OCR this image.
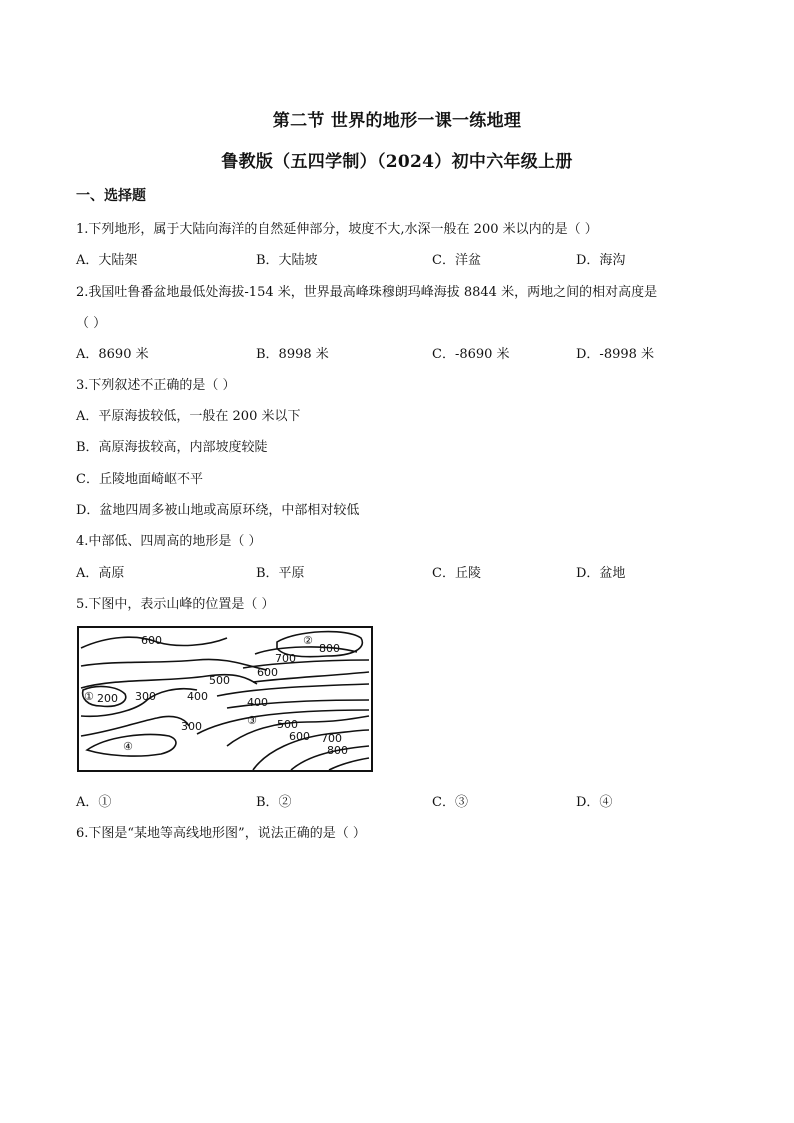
第二节 世界的地形一课一练地理
鲁教版（五四学制）（2024）初中六年级上册
一、选择题
1.下列地形，属于大陆向海洋的自然延伸部分，坡度不大,水深一般在 200 米以内的是（ ）
A．大陆架	B．大陆坡	C．洋盆	D．海沟
2.我国吐鲁番盆地最低处海拔-154 米，世界最高峰珠穆朗玛峰海拔 8844 米，两地之间的相对高度是
（ ）
A．8690 米	B．8998 米	C．-8690 米	D．-8998 米
3.下列叙述不正确的是（ ）
A．平原海拔较低，一般在 200 米以下
B．高原海拔较高，内部坡度较陡
C．丘陵地面崎岖不平
D．盆地四周多被山地或高原环绕，中部相对较低
4.中部低、四周高的地形是（ ）
A．高原	B．平原	C．丘陵	D．盆地
5.下图中，表示山峰的位置是（ ）
600
800
700
600
500
300	400
200	400
300	500
600 700
800
①
②
③
④
A．①	B．②	C．③	D．④
6.下图是“某地等高线地形图”，说法正确的是（ ）
